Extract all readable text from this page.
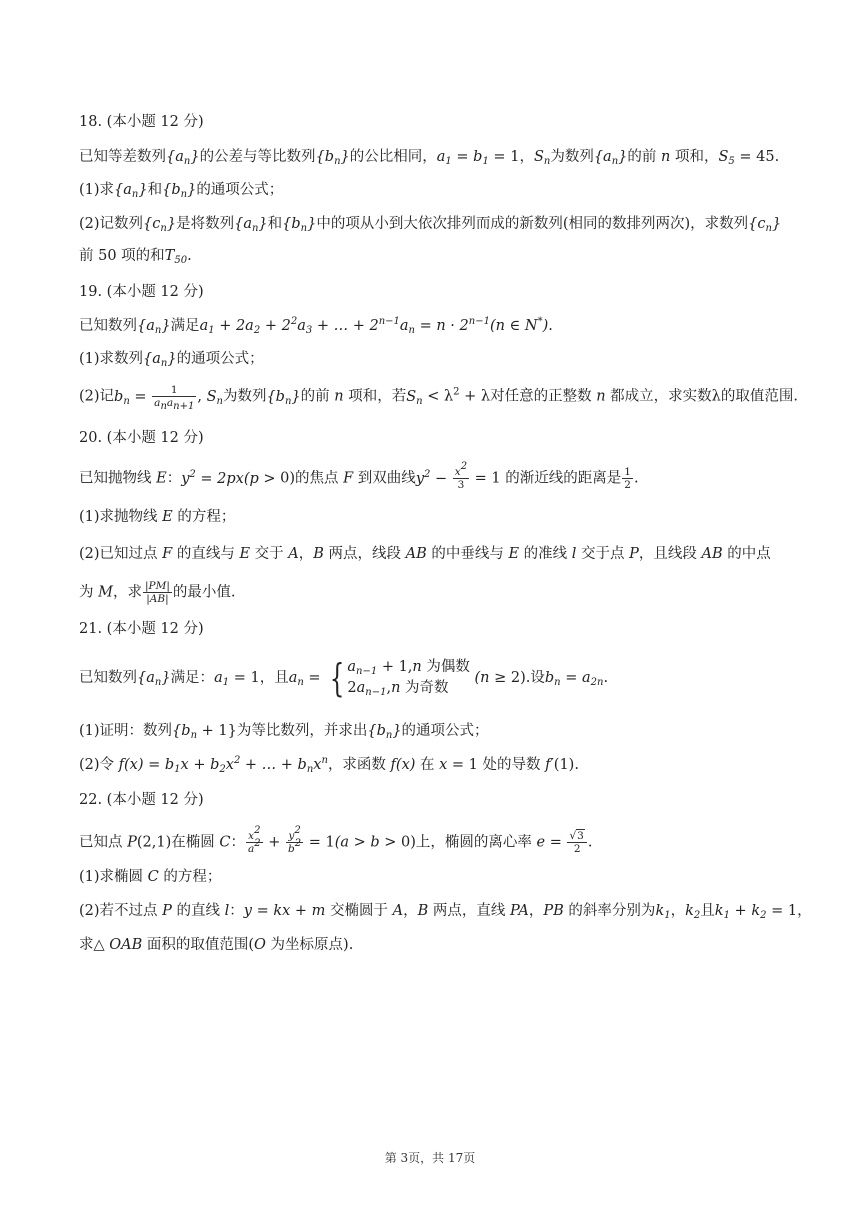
18. (本小题 12 分)
已知等差数列$\{a_n\}$的公差与等比数列$\{b_n\}$的公比相同，$a_1 = b_1 = 1$，$S_n$为数列$\{a_n\}$的前 n 项和，$S_5 = 45$.
(1)求$\{a_n\}$和$\{b_n\}$的通项公式；
(2)记数列$\{c_n\}$是将数列$\{a_n\}$和$\{b_n\}$中的项从小到大依次排列而成的新数列(相同的数排列两次)，求数列$\{c_n\}$
前 50 项的和$T_{50}$.
19. (本小题 12 分)
已知数列$\{a_n\}$满足$a_1 + 2a_2 + 2^2a_3$ + … + $2^{n-1}a_n = n \cdot 2^{n-1}(n$ ∈ N*).
(1)求数列$\{a_n\}$的通项公式；
(2)记$b_n = \frac{1}{a_na_{n+1}}$ , $S_n$为数列$\{b_n\}$的前 n 项和，若$S_n < \lambda^2 + \lambda$对任意的正整数 n 都成立，求实数λ的取值范围.
20. (本小题 12 分)
已知抛物线 E：$y^2 = 2px(p > 0)$的焦点 F 到双曲线$y^2 - \frac{x^2}{3} = 1$ 的渐近线的距离是 $\frac{1}{2}$ .
(1)求抛物线 E 的方程；
(2)已知过点 F 的直线与 E 交于 A，B 两点，线段 AB 的中垂线与 E 的准线 l 交于点 P，且线段 AB 的中点
为 M，求 $\frac{|PM|}{|AB|}$ 的最小值.
21. (本小题 12 分)
已知数列$\{a_n\}$满足：$a_1 = 1$，且$a_n$ = { $a_{n-1} + 1,n$ 为偶数
$2a_{n-1},n$ 为奇数
(n ≥ 2).设$b_n = a_{2n}$.
(1)证明：数列$\{b_n + 1\}$为等比数列，并求出$\{b_n\}$的通项公式；
(2)令 $f(x) = b_1x + b_2x^2$ + … + $b_nx^n$，求函数 f(x) 在 x = 1 处的导数 f′(1).
22. (本小题 12 分)
已知点 P(2,1)在椭圆 C： $\frac{x^2}{a^2} + \frac{y^2}{b^2} = 1(a > b > 0)$上，椭圆的离心率 $e = \frac{√3}{2}$ .
(1)求椭圆 C 的方程；
(2)若不过点 P 的直线 l：y = kx + m 交椭圆于 A，B 两点，直线 PA，PB 的斜率分别为$k_1$，$k_2$且$k_1 + k_2 = 1$，
求△ OAB 面积的取值范围(O 为坐标原点).
第 3页，共 17页
